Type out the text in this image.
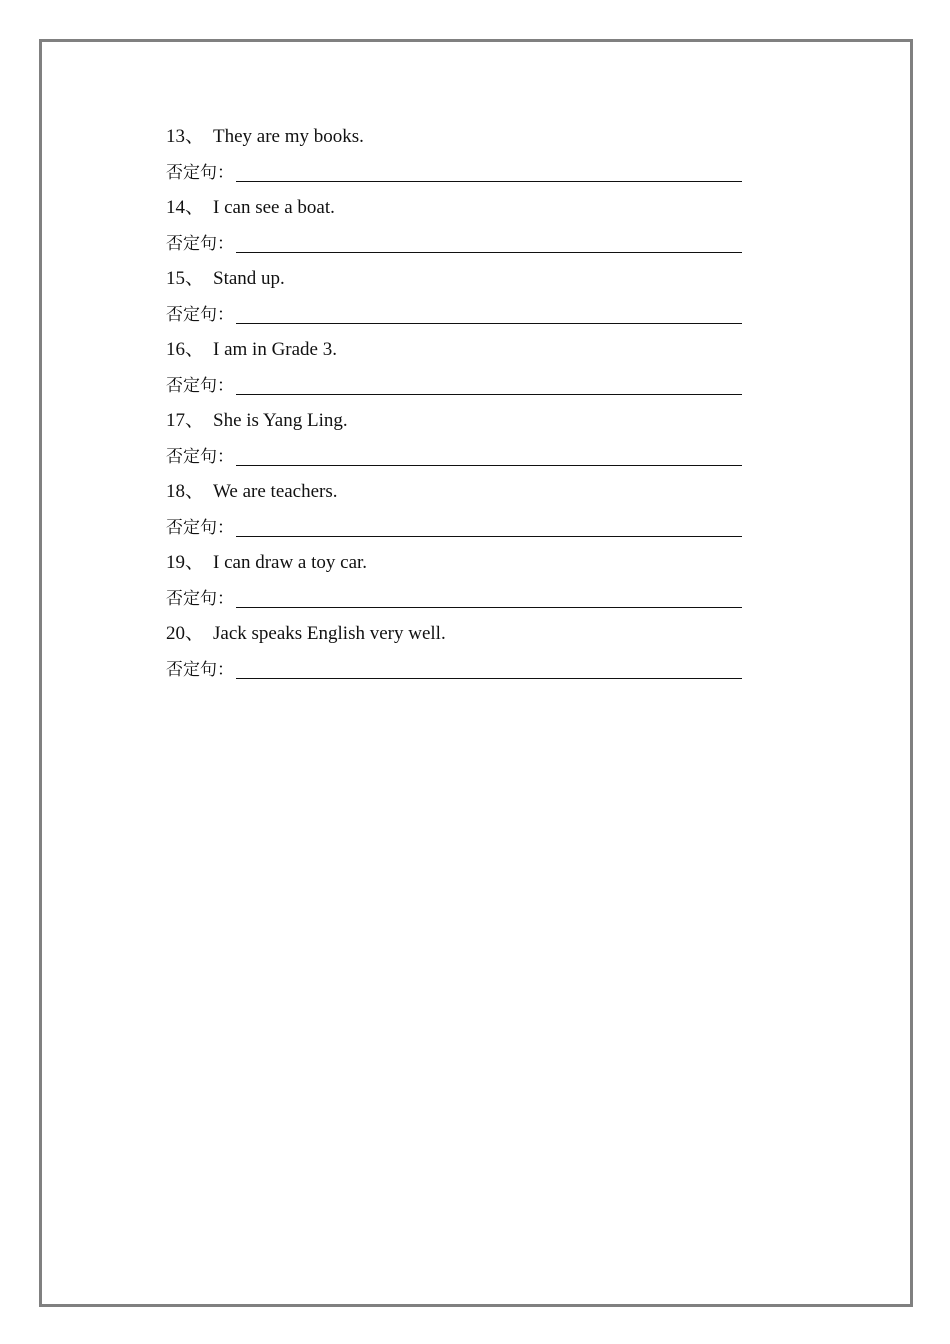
13、 They are my books.
否定句：
14、 I can see a boat.
否定句：
15、 Stand up.
否定句：
16、 I am in Grade 3.
否定句：
17、 She is Yang Ling.
否定句：
18、 We are teachers.
否定句：
19、 I can draw a toy car.
否定句：
20、 Jack speaks English very well.
否定句：
